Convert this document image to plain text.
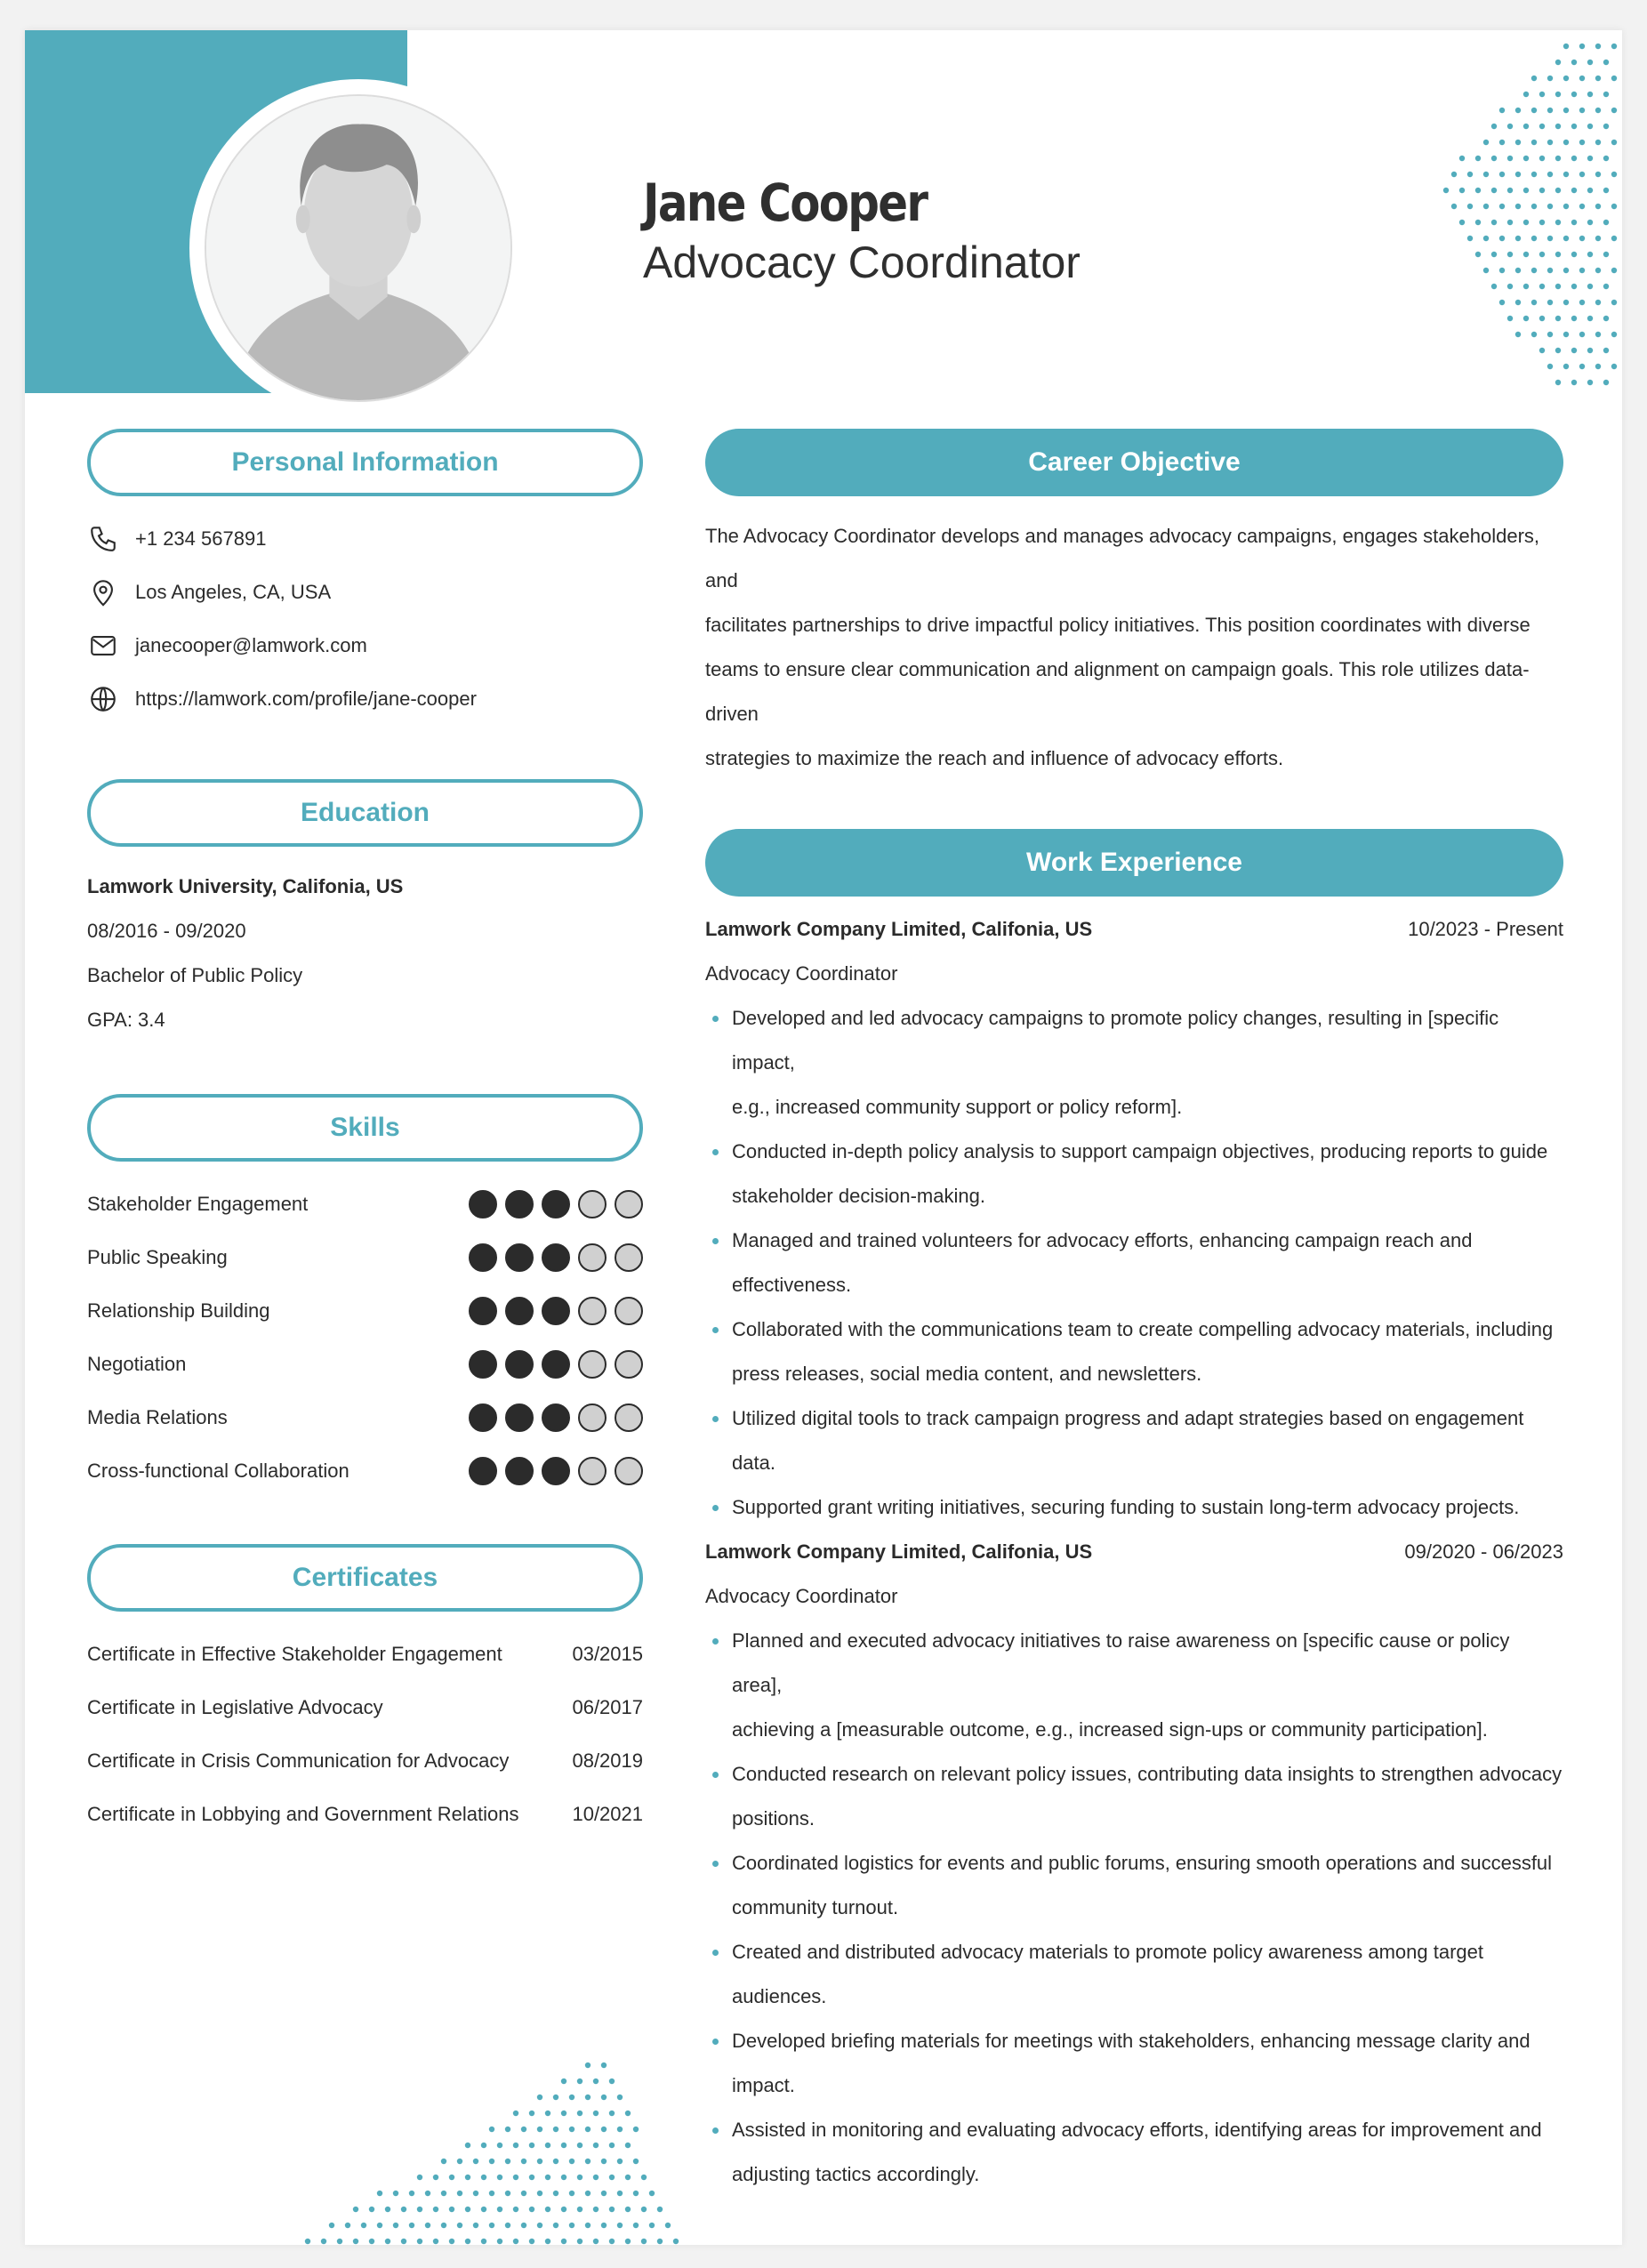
Jane Cooper
Advocacy Coordinator
Personal Information
+1 234 567891
Los Angeles, CA, USA
janecooper@lamwork.com
https://lamwork.com/profile/jane-cooper
Education
Lamwork University, Califonia, US
08/2016 - 09/2020
Bachelor of Public Policy
GPA: 3.4
Skills
Stakeholder Engagement
Public Speaking
Relationship Building
Negotiation
Media Relations
Cross-functional Collaboration
Certificates
Certificate in Effective Stakeholder Engagement	03/2015
Certificate in Legislative Advocacy	06/2017
Certificate in Crisis Communication for Advocacy	08/2019
Certificate in Lobbying and Government Relations	10/2021
Career Objective
The Advocacy Coordinator develops and manages advocacy campaigns, engages stakeholders, and
facilitates partnerships to drive impactful policy initiatives. This position coordinates with diverse
teams to ensure clear communication and alignment on campaign goals. This role utilizes data-driven
strategies to maximize the reach and influence of advocacy efforts.
Work Experience
Lamwork Company Limited, Califonia, US	10/2023 - Present
Advocacy Coordinator
Developed and led advocacy campaigns to promote policy changes, resulting in [specific impact,
e.g., increased community support or policy reform].
Conducted in-depth policy analysis to support campaign objectives, producing reports to guide
stakeholder decision-making.
Managed and trained volunteers for advocacy efforts, enhancing campaign reach and
effectiveness.
Collaborated with the communications team to create compelling advocacy materials, including
press releases, social media content, and newsletters.
Utilized digital tools to track campaign progress and adapt strategies based on engagement data.
Supported grant writing initiatives, securing funding to sustain long-term advocacy projects.
Lamwork Company Limited, Califonia, US	09/2020 - 06/2023
Advocacy Coordinator
Planned and executed advocacy initiatives to raise awareness on [specific cause or policy area],
achieving a [measurable outcome, e.g., increased sign-ups or community participation].
Conducted research on relevant policy issues, contributing data insights to strengthen advocacy
positions.
Coordinated logistics for events and public forums, ensuring smooth operations and successful
community turnout.
Created and distributed advocacy materials to promote policy awareness among target audiences.
Developed briefing materials for meetings with stakeholders, enhancing message clarity and
impact.
Assisted in monitoring and evaluating advocacy efforts, identifying areas for improvement and
adjusting tactics accordingly.
